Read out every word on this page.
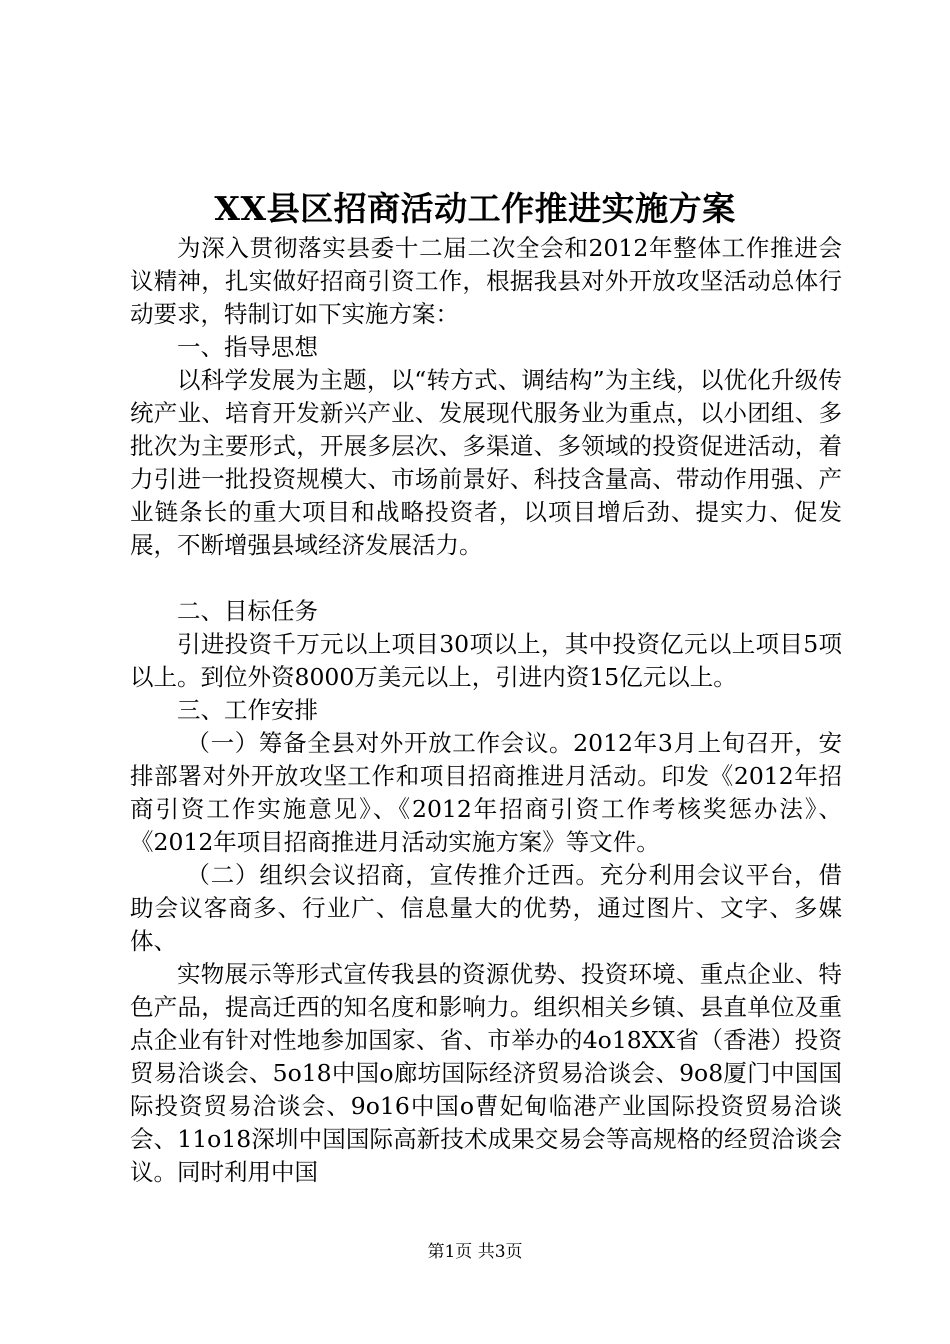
XX县区招商活动工作推进实施方案

为深入贯彻落实县委十二届二次全会和2012年整体工作推进会议精神，扎实做好招商引资工作，根据我县对外开放攻坚活动总体行动要求，特制订如下实施方案：

一、指导思想

以科学发展为主题，以“转方式、调结构”为主线，以优化升级传统产业、培育开发新兴产业、发展现代服务业为重点，以小团组、多批次为主要形式，开展多层次、多渠道、多领域的投资促进活动，着力引进一批投资规模大、市场前景好、科技含量高、带动作用强、产业链条长的重大项目和战略投资者，以项目增后劲、提实力、促发展，不断增强县域经济发展活力。

二、目标任务

引进投资千万元以上项目30项以上，其中投资亿元以上项目5项以上。到位外资8000万美元以上，引进内资15亿元以上。

三、工作安排

（一）筹备全县对外开放工作会议。2012年3月上旬召开，安排部署对外开放攻坚工作和项目招商推进月活动。印发《2012年招商引资工作实施意见》、《2012年招商引资工作考核奖惩办法》、《2012年项目招商推进月活动实施方案》等文件。

（二）组织会议招商，宣传推介迁西。充分利用会议平台，借助会议客商多、行业广、信息量大的优势，通过图片、文字、多媒体、

实物展示等形式宣传我县的资源优势、投资环境、重点企业、特色产品，提高迁西的知名度和影响力。组织相关乡镇、县直单位及重点企业有针对性地参加国家、省、市举办的4o18XX省（香港）投资贸易洽谈会、5o18中国o廊坊国际经济贸易洽谈会、9o8厦门中国国际投资贸易洽谈会、9o16中国o曹妃甸临港产业国际投资贸易洽谈会、11o18深圳中国国际高新技术成果交易会等高规格的经贸洽谈会议。同时利用中国

第1页 共3页
